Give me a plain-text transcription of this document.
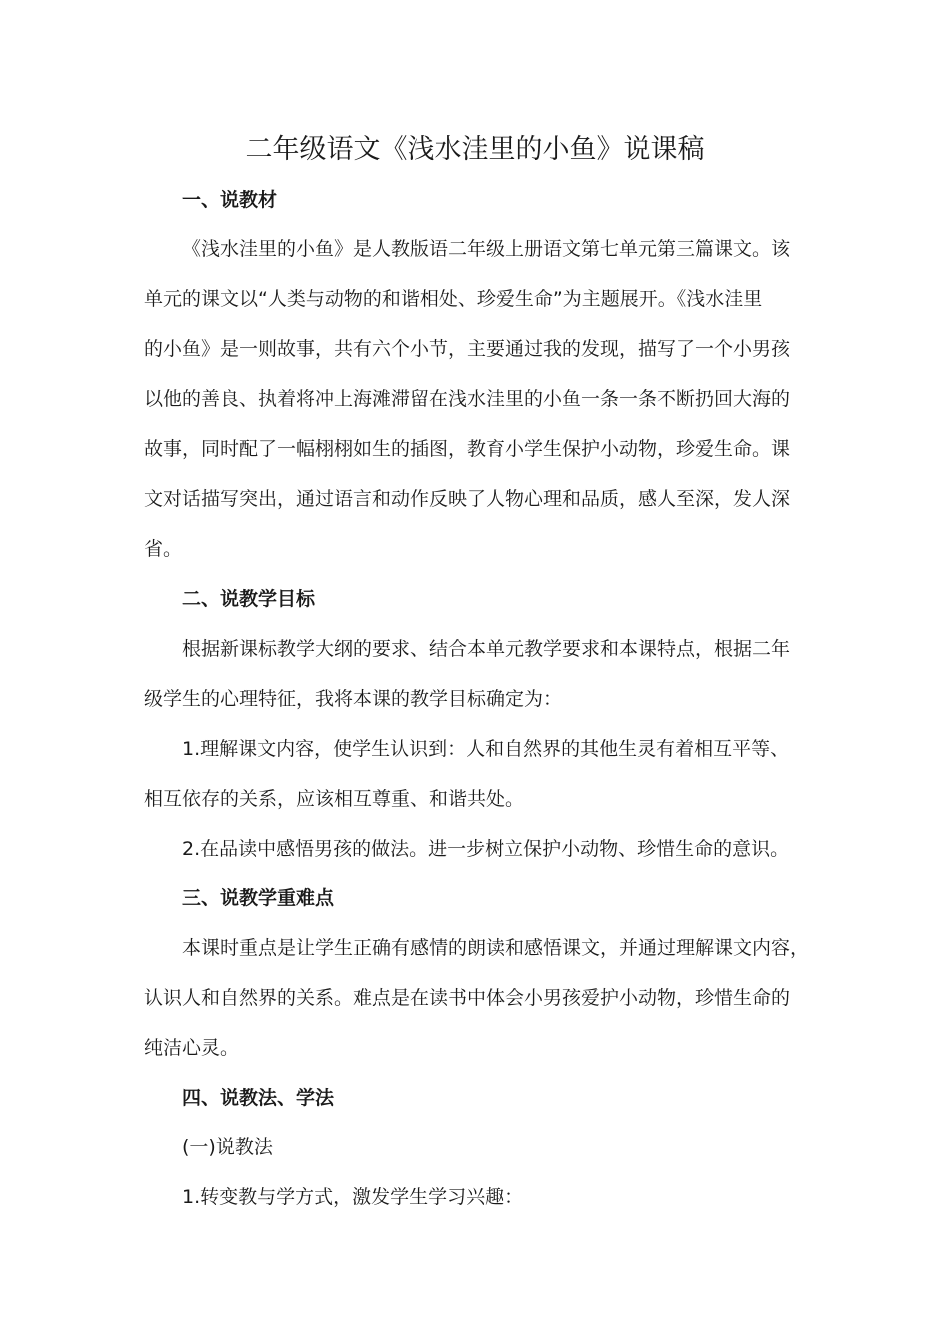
二年级语文《浅水洼里的小鱼》说课稿
一、说教材
《浅水洼里的小鱼》是人教版语二年级上册语文第七单元第三篇课文。该
单元的课文以“人类与动物的和谐相处、珍爱生命”为主题展开。《浅水洼里
的小鱼》是一则故事，共有六个小节，主要通过我的发现，描写了一个小男孩
以他的善良、执着将冲上海滩滞留在浅水洼里的小鱼一条一条不断扔回大海的
故事，同时配了一幅栩栩如生的插图，教育小学生保护小动物，珍爱生命。课
文对话描写突出，通过语言和动作反映了人物心理和品质，感人至深，发人深
省。
二、说教学目标
根据新课标教学大纲的要求、结合本单元教学要求和本课特点，根据二年
级学生的心理特征，我将本课的教学目标确定为：
1.理解课文内容，使学生认识到：人和自然界的其他生灵有着相互平等、
相互依存的关系，应该相互尊重、和谐共处。
2.在品读中感悟男孩的做法。进一步树立保护小动物、珍惜生命的意识。
三、说教学重难点
本课时重点是让学生正确有感情的朗读和感悟课文，并通过理解课文内容，
认识人和自然界的关系。难点是在读书中体会小男孩爱护小动物，珍惜生命的
纯洁心灵。
四、说教法、学法
(一)说教法
1.转变教与学方式，激发学生学习兴趣：
